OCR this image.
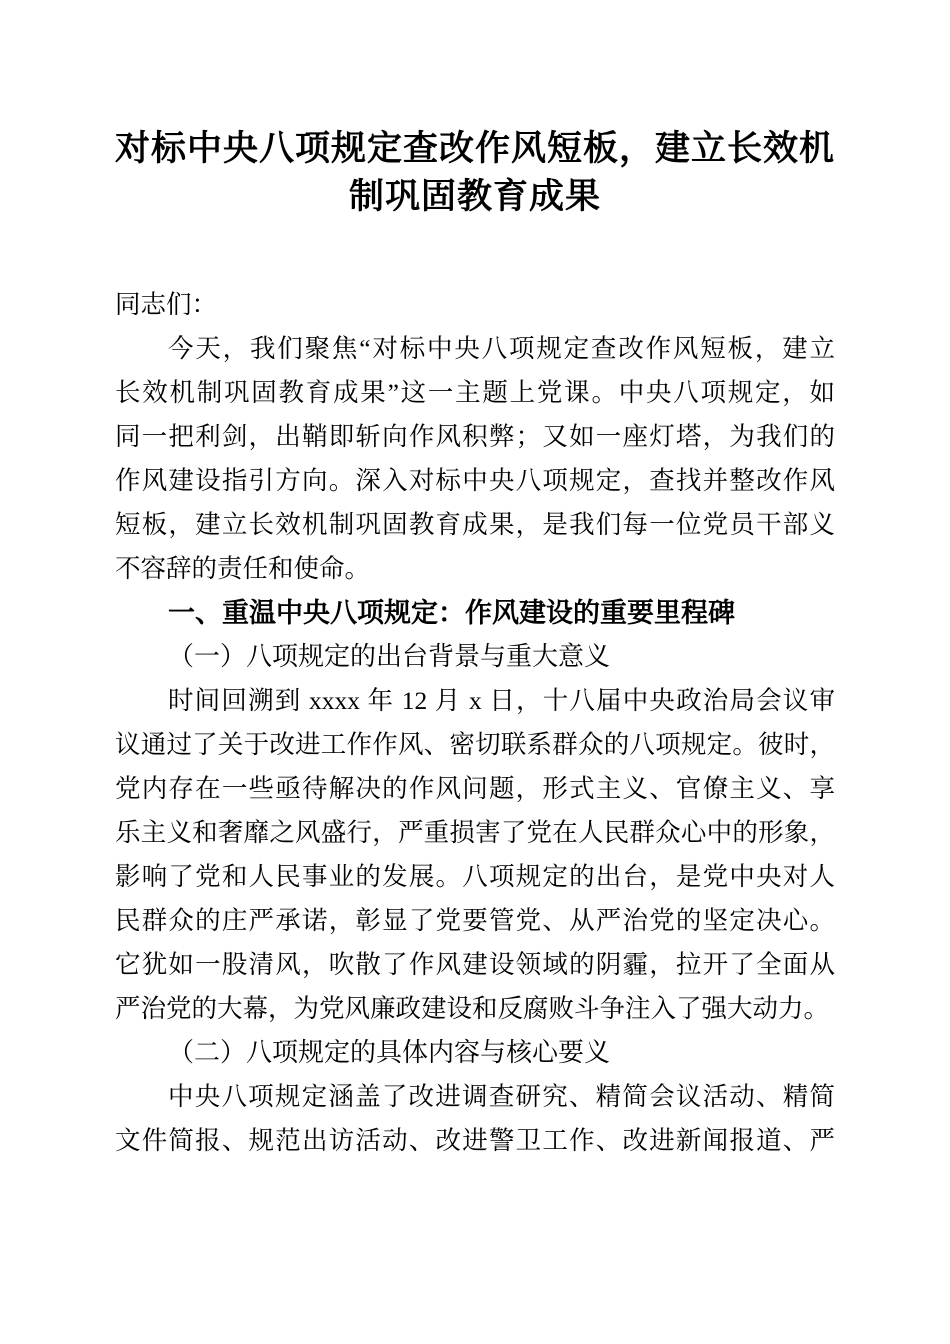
对标中央八项规定查改作风短板，建立长效机
制巩固教育成果
同志们：
今天，我们聚焦“对标中央八项规定查改作风短板，建立
长效机制巩固教育成果”这一主题上党课。中央八项规定，如
同一把利剑，出鞘即斩向作风积弊；又如一座灯塔，为我们的
作风建设指引方向。深入对标中央八项规定，查找并整改作风
短板，建立长效机制巩固教育成果，是我们每一位党员干部义
不容辞的责任和使命。
一、重温中央八项规定：作风建设的重要里程碑
（一）八项规定的出台背景与重大意义
时间回溯到 xxxx 年 12 月 x 日，十八届中央政治局会议审
议通过了关于改进工作作风、密切联系群众的八项规定。彼时，
党内存在一些亟待解决的作风问题，形式主义、官僚主义、享
乐主义和奢靡之风盛行，严重损害了党在人民群众心中的形象，
影响了党和人民事业的发展。八项规定的出台，是党中央对人
民群众的庄严承诺，彰显了党要管党、从严治党的坚定决心。
它犹如一股清风，吹散了作风建设领域的阴霾，拉开了全面从
严治党的大幕，为党风廉政建设和反腐败斗争注入了强大动力。
（二）八项规定的具体内容与核心要义
中央八项规定涵盖了改进调查研究、精简会议活动、精简
文件简报、规范出访活动、改进警卫工作、改进新闻报道、严
